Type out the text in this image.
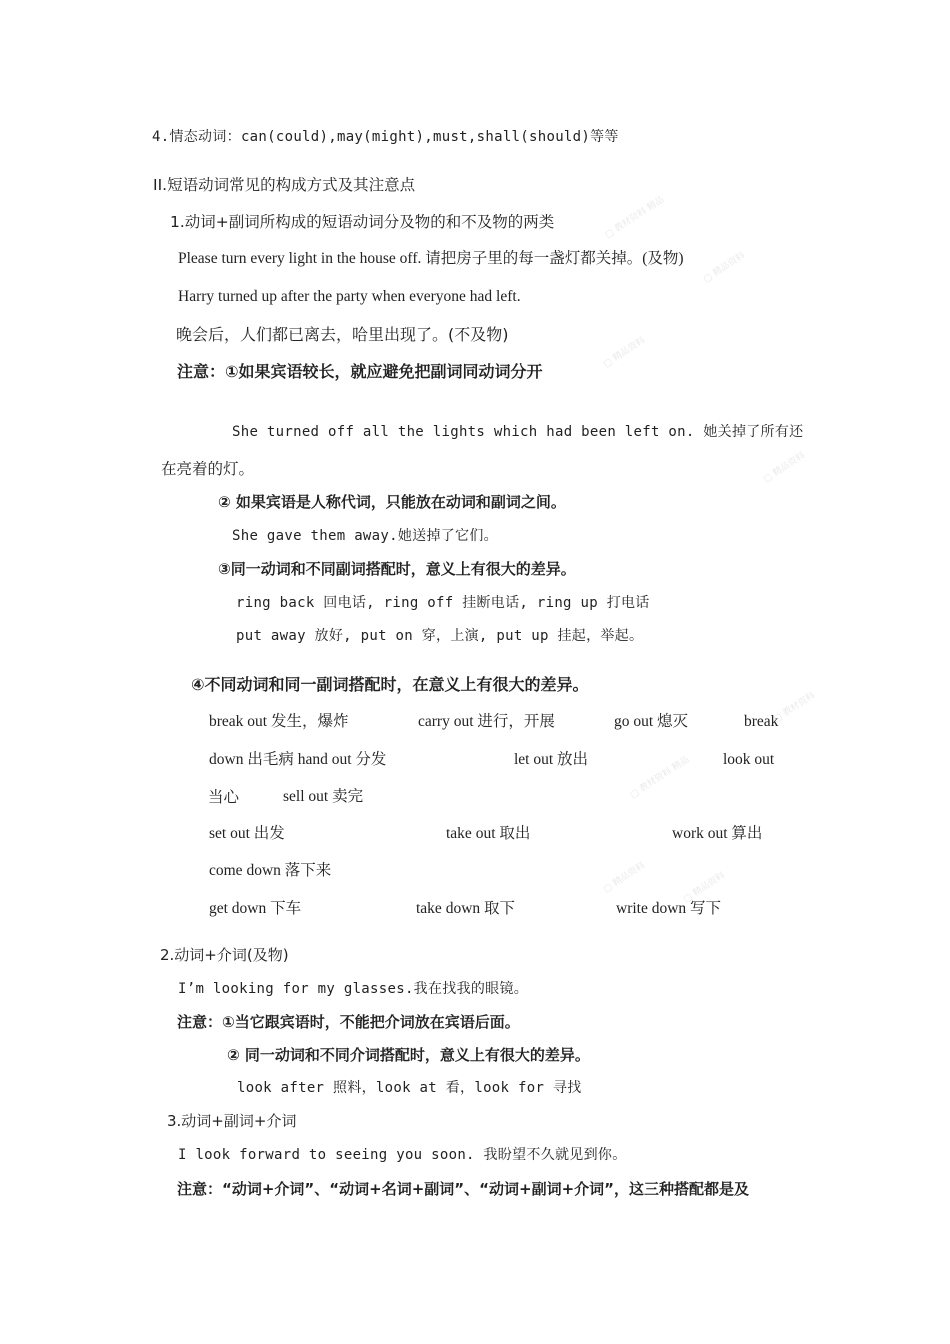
▢ 教材资料 精品
▢ 精品资料
▢ 精品资料
▢ 精品资料
▢ 教材资料
▢ 教材资料 精品
▢ 精品资料	▢ 精品资料
4.情态动词：can(could),may(might),must,shall(should)等等
II.短语动词常见的构成方式及其注意点
1.动词+副词所构成的短语动词分及物的和不及物的两类
Please turn every light in the house off. 请把房子里的每一盏灯都关掉。(及物)
Harry turned up after the party when everyone had left.
晚会后，人们都已离去，哈里出现了。(不及物)
注意：①如果宾语较长，就应避免把副词同动词分开
She turned off all the lights which had been left on. 她关掉了所有还
在亮着的灯。
② 如果宾语是人称代词，只能放在动词和副词之间。
She gave them away.她送掉了它们。
③同一动词和不同副词搭配时，意义上有很大的差异。
ring back 回电话, ring off 挂断电话, ring up 打电话
put away 放好, put on 穿，上演, put up 挂起，举起。
④不同动词和同一副词搭配时，在意义上有很大的差异。
break out 发生，爆炸	carry out 进行，开展	go out 熄灭	break
down 出毛病 hand out 分发	let out 放出	look out
当心	sell out 卖完
set out 出发	take out 取出	work out 算出
come down 落下来
get down 下车	take down 取下	write down 写下
2.动词+介词(及物)
I’m looking for my glasses.我在找我的眼镜。
注意：①当它跟宾语时，不能把介词放在宾语后面。
② 同一动词和不同介词搭配时，意义上有很大的差异。
look after 照料，look at 看，look for 寻找
3.动词+副词+介词
I look forward to seeing you soon. 我盼望不久就见到你。
注意：“动词+介词”、“动词+名词+副词”、“动词+副词+介词”，这三种搭配都是及
